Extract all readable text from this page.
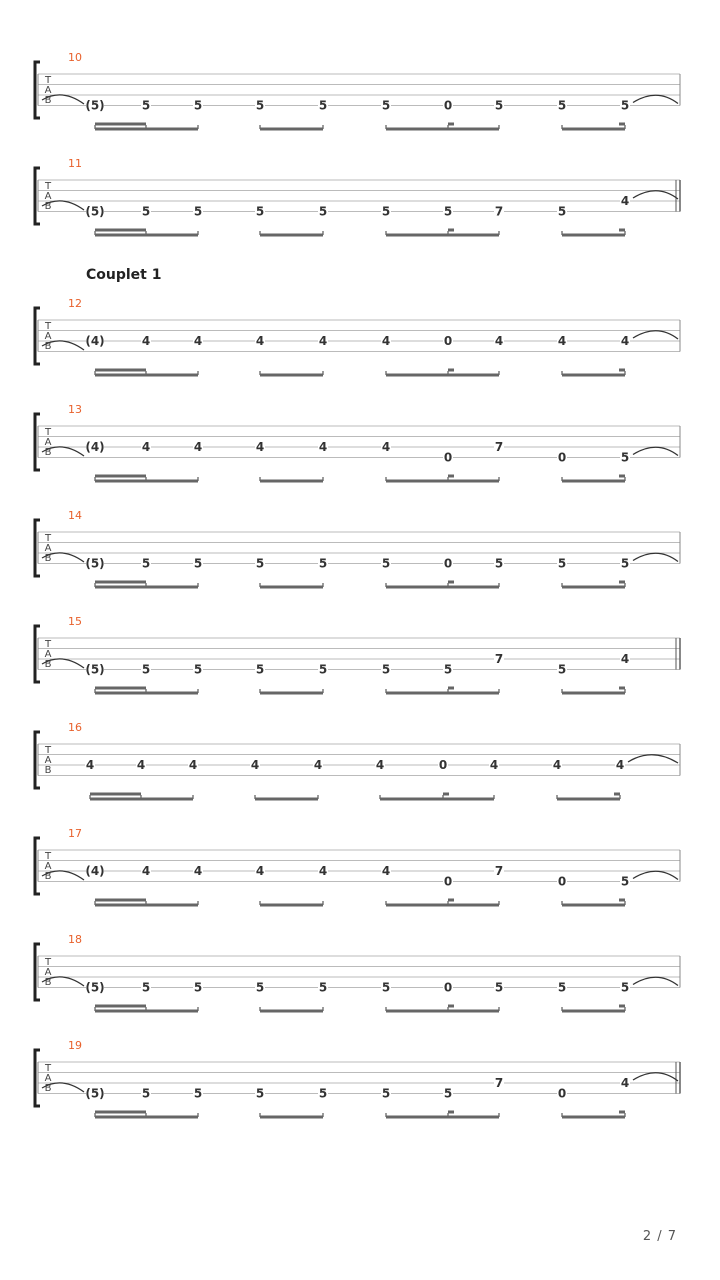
10
T
A
B	(5)	5	5	5	5	5	0	5	5	5
11
T
A
B	(5)	5	5	5	5	5	5	7	5
4
12
T
A
B	(4)	4	4	4	4	4	0	4	4	4
13
T
A
B	(4)	4	4	4	4	4
0
7
0	5
14
T
A
B	(5)	5	5	5	5	5	0	5	5	5
15
T
A
B	(5)	5	5	5	5	5	5
7
5
4
16
T
A
B	4	4	4	4	4	4	0	4	4	4
17
T
A
B	(4)	4	4	4	4	4
0
7
0	5
18
T
A
B	(5)	5	5	5	5	5	0	5	5	5
19
T
A
B	(5)	5	5	5	5	5	5
7
0
4
Couplet 1
2 / 7
